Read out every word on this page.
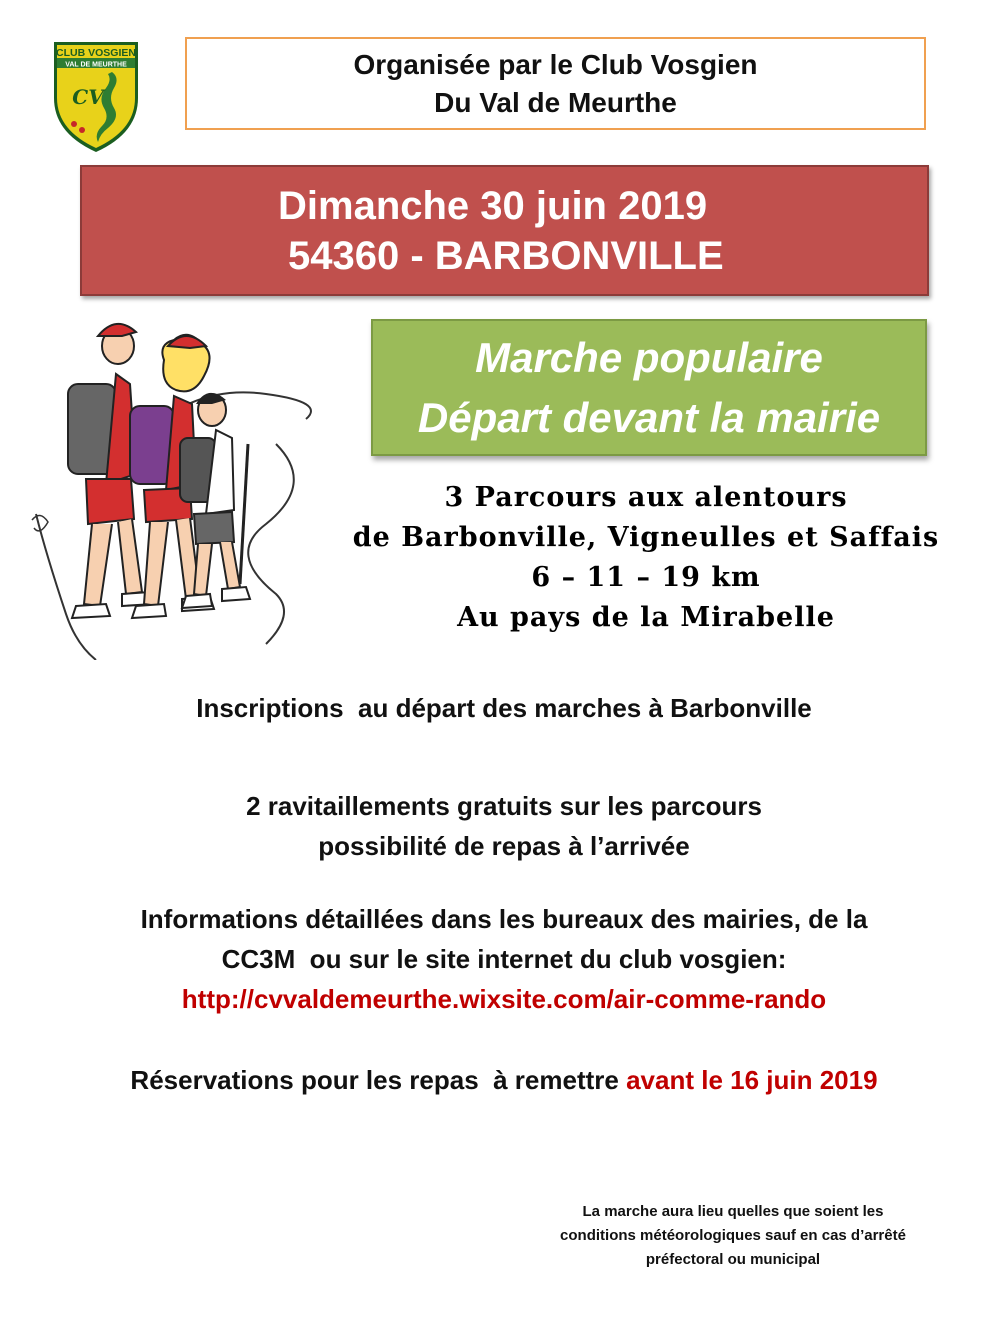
CLUB VOSGIEN
VAL DE MEURTHE
CV
Organisée par le Club Vosgien
Du Val de Meurthe
Dimanche 30 juin 2019
54360 - BARBONVILLE
Marche populaire
Départ devant la mairie
3 Parcours aux alentours
de Barbonville, Vigneulles et Saffais
6 – 11 – 19 km
Au pays de la Mirabelle
Inscriptions  au départ des marches à Barbonville
2 ravitaillements gratuits sur les parcours
possibilité de repas à l’arrivée
Informations détaillées dans les bureaux des mairies, de la
CC3M  ou sur le site internet du club vosgien:
http://cvvaldemeurthe.wixsite.com/air-comme-rando
Réservations pour les repas  à remettre avant le 16 juin 2019
La marche aura lieu quelles que soient les
conditions météorologiques sauf en cas d’arrêté
préfectoral ou municipal
